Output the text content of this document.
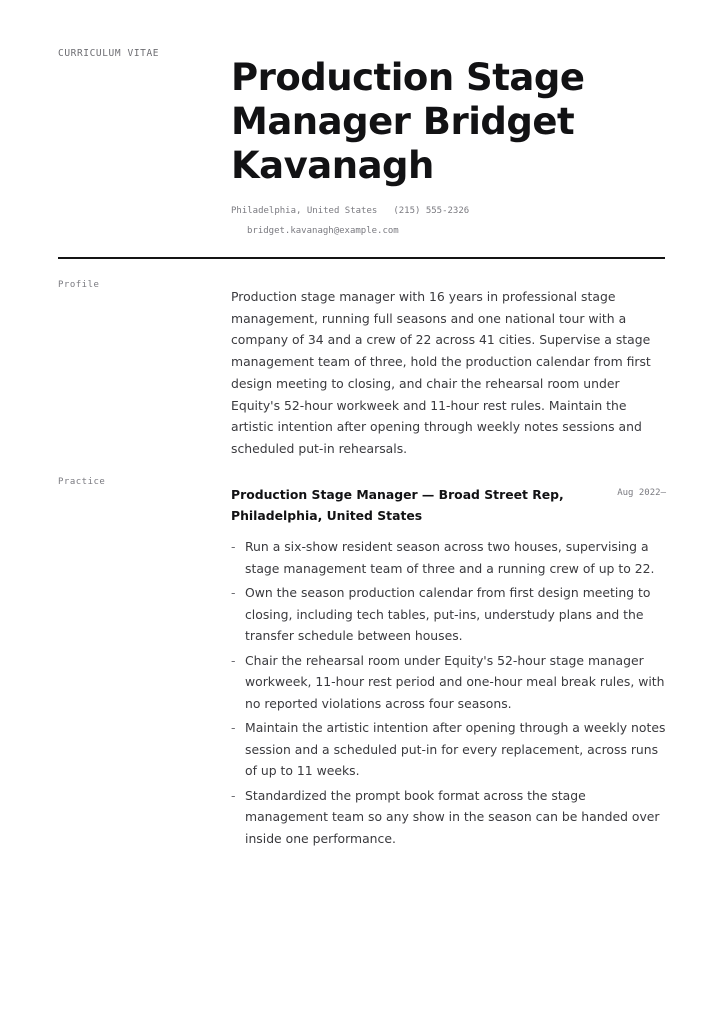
CURRICULUM VITAE
Production Stage Manager Bridget Kavanagh
Philadelphia, United States (215) 555-2326
bridget.kavanagh@example.com
Profile

Production stage manager with 16 years in professional stage management, running full seasons and one national tour with a company of 34 and a crew of 22 across 41 cities. Supervise a stage management team of three, hold the production calendar from first design meeting to closing, and chair the rehearsal room under Equity's 52-hour workweek and 11-hour rest rules. Maintain the artistic intention after opening through weekly notes sessions and scheduled put-in rehearsals.

Practice
Production Stage Manager — Broad Street Rep, Philadelphia, United States
Aug 2022–
- Run a six-show resident season across two houses, supervising a stage management team of three and a running crew of up to 22.
- Own the season production calendar from first design meeting to closing, including tech tables, put-ins, understudy plans and the transfer schedule between houses.
- Chair the rehearsal room under Equity's 52-hour stage manager workweek, 11-hour rest period and one-hour meal break rules, with no reported violations across four seasons.
- Maintain the artistic intention after opening through a weekly notes session and a scheduled put-in for every replacement, across runs of up to 11 weeks.
- Standardized the prompt book format across the stage management team so any show in the season can be handed over inside one performance.
